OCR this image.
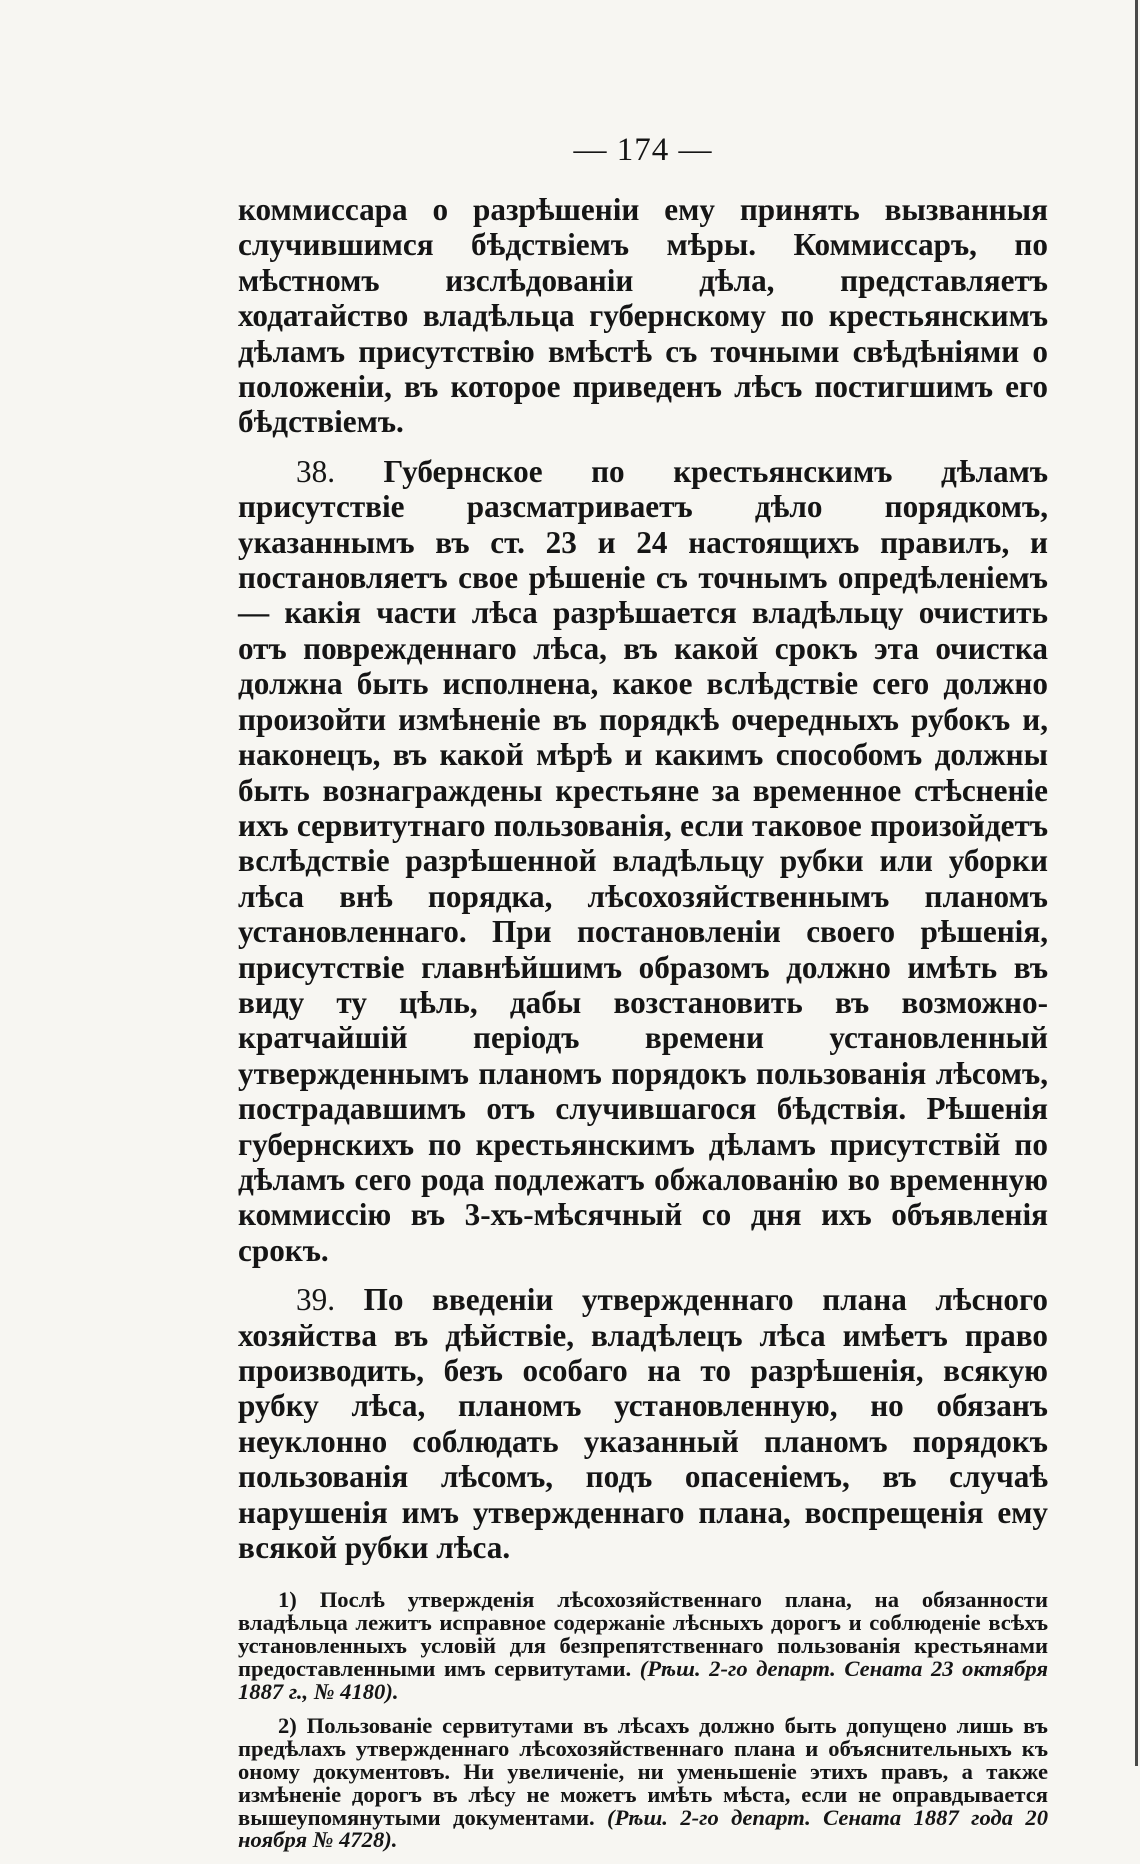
— 174 —

коммиссара о разрѣшеніи ему принять вызванныя случившимся бѣдствіемъ мѣры. Коммиссаръ, по мѣстномъ изслѣдованіи дѣла, представляетъ ходатайство владѣльца губернскому по крестьянскимъ дѣламъ присутствію вмѣстѣ съ точными свѣдѣніями о положеніи, въ которое приведенъ лѣсъ постигшимъ его бѣдствіемъ.

38. Губернское по крестьянскимъ дѣламъ присутствіе разсматриваетъ дѣло порядкомъ, указаннымъ въ ст. 23 и 24 настоящихъ правилъ, и постановляетъ свое рѣшеніе съ точнымъ опредѣленіемъ— какія части лѣса разрѣшается владѣльцу очистить отъ поврежденнаго лѣса, въ какой срокъ эта очистка должна быть исполнена, какое вслѣдствіе сего должно произойти измѣненіе въ порядкѣ очередныхъ рубокъ и, наконецъ, въ какой мѣрѣ и какимъ способомъ должны быть вознаграждены крестьяне за временное стѣсненіе ихъ сервитутнаго пользованія, если таковое произойдетъ вслѣдствіе разрѣшенной владѣльцу рубки или уборки лѣса внѣ порядка, лѣсохозяйственнымъ планомъ установленнаго. При постановленіи своего рѣшенія, присутствіе главнѣйшимъ образомъ должно имѣть въ виду ту цѣль, дабы возстановить въ возможно-кратчайшій періодъ времени установленный утвержденнымъ планомъ порядокъ пользованія лѣсомъ, пострадавшимъ отъ случившагося бѣдствія. Рѣшенія губернскихъ по крестьянскимъ дѣламъ присутствій по дѣламъ сего рода подлежатъ обжалованію во временную коммиссію въ 3-хъ-мѣсячный со дня ихъ объявленія срокъ.

39. По введеніи утвержденнаго плана лѣсного хозяйства въ дѣйствіе, владѣлецъ лѣса имѣетъ право производить, безъ особаго на то разрѣшенія, всякую рубку лѣса, планомъ установленную, но обязанъ неуклонно соблюдать указанный планомъ порядокъ пользованія лѣсомъ, подъ опасеніемъ, въ случаѣ нарушенія имъ утвержденнаго плана, воспрещенія ему всякой рубки лѣса.

1) Послѣ утвержденія лѣсохозяйственнаго плана, на обязанности владѣльца лежитъ исправное содержаніе лѣсныхъ дорогъ и соблюденіе всѣхъ установленныхъ условій для безпрепятственнаго пользованія крестьянами предоставленными имъ сервитутами. (Рѣш. 2-го департ. Сената 23 октября 1887 г., № 4180).

2) Пользованіе сервитутами въ лѣсахъ должно быть допущено лишь въ предѣлахъ утвержденнаго лѣсохозяйственнаго плана и объяснительныхъ къ оному документовъ. Ни увеличеніе, ни уменьшеніе этихъ правъ, а также измѣненіе дорогъ въ лѣсу не можетъ имѣть мѣста, если не оправдывается вышеупомянутыми документами. (Рѣш. 2-го департ. Сената 1887 года 20 ноября № 4728).
